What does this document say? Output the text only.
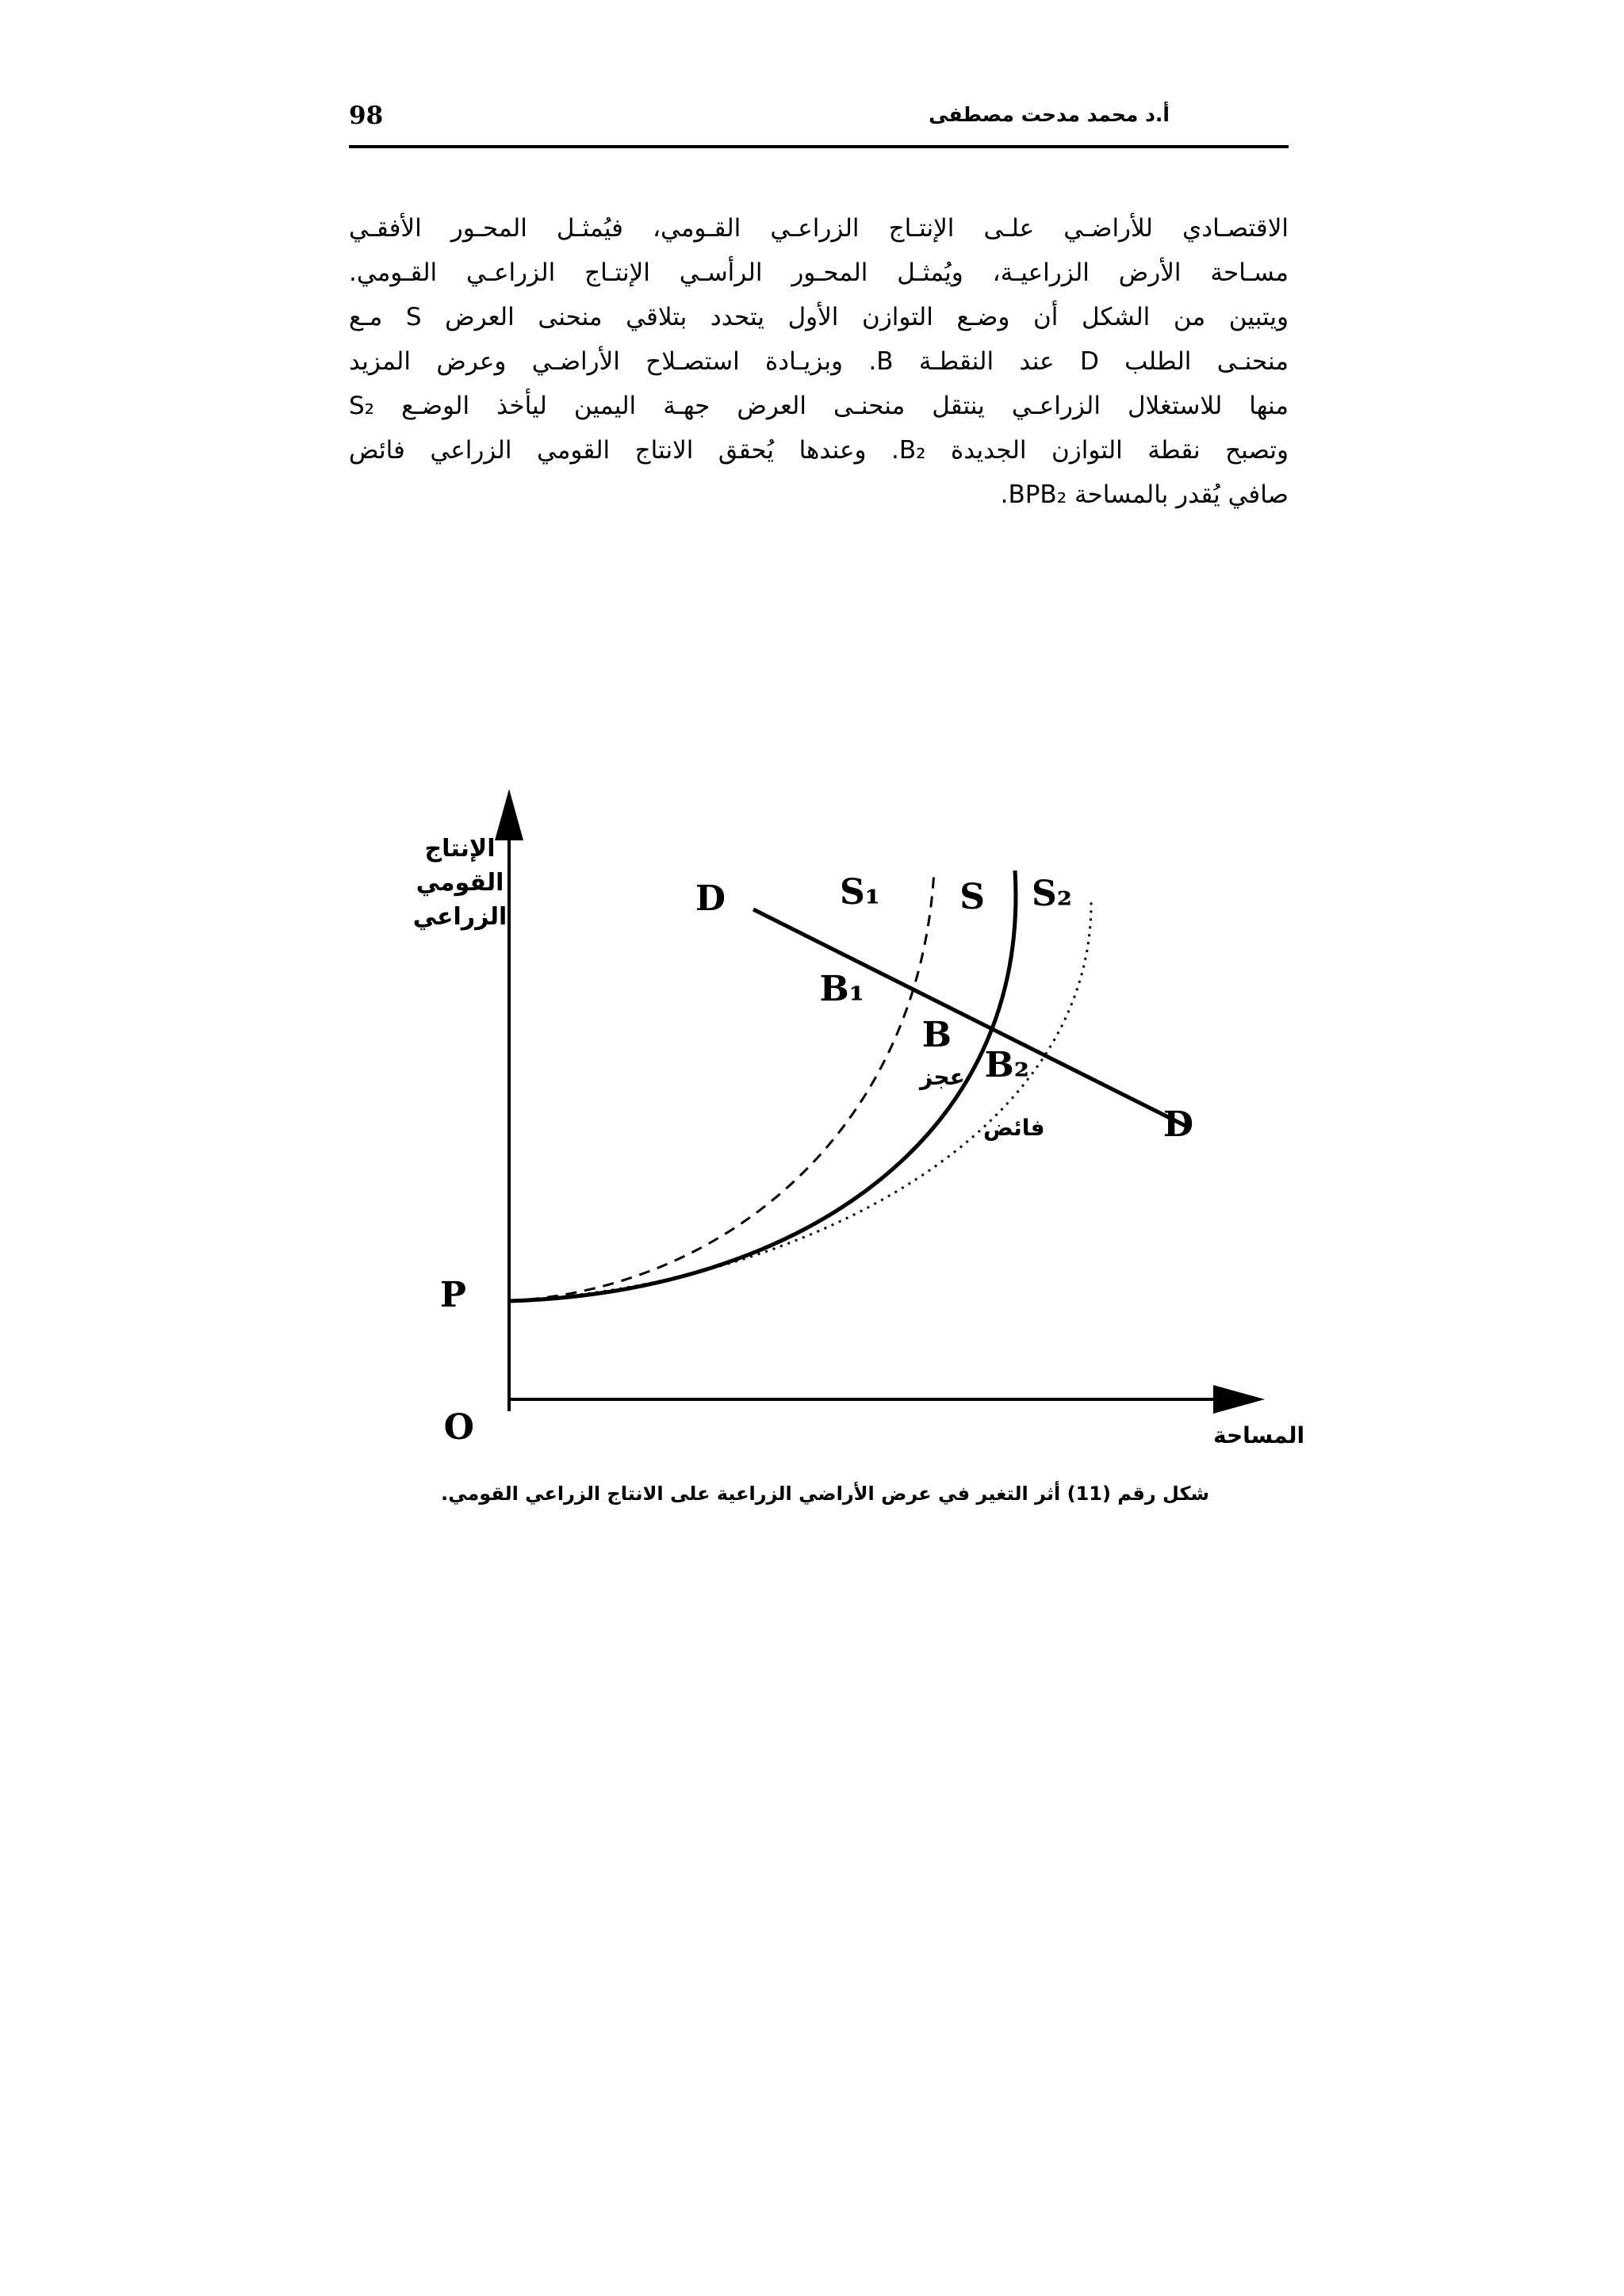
98	أ.د محمد مدحت مصطفى

الاقتصـادي للأراضـي علـى الإنتـاج الزراعـي القـومي، فيُمثـل المحـور الأفقـي
مسـاحة الأرض الزراعيـة، ويُمثـل المحـور الرأسـي الإنتـاج الزراعـي القـومي.
ويتبين من الشكل أن وضـع التوازن الأول يتحدد بتلاقي منحنى العرض S مـع
منحنـى الطلب D عند النقطـة B. وبزيـادة استصـلاح الأراضـي وعرض المزيد
منها للاستغلال الزراعـي ينتقل منحنـى العرض جهـة اليمين ليأخذ الوضـع S₂
وتصبح نقطة التوازن الجديدة B₂. وعندها يُحقق الانتاج القومي الزراعي فائض
صافي يُقدر بالمساحة BPB₂.

الإنتاج
القومي
الزراعي
المساحة
O
P
D
D
S₁ S S₂
B₁
B
B₂
عجز
فائض

شكل رقم (11) أثر التغير في عرض الأراضي الزراعية على الانتاج الزراعي القومي.
